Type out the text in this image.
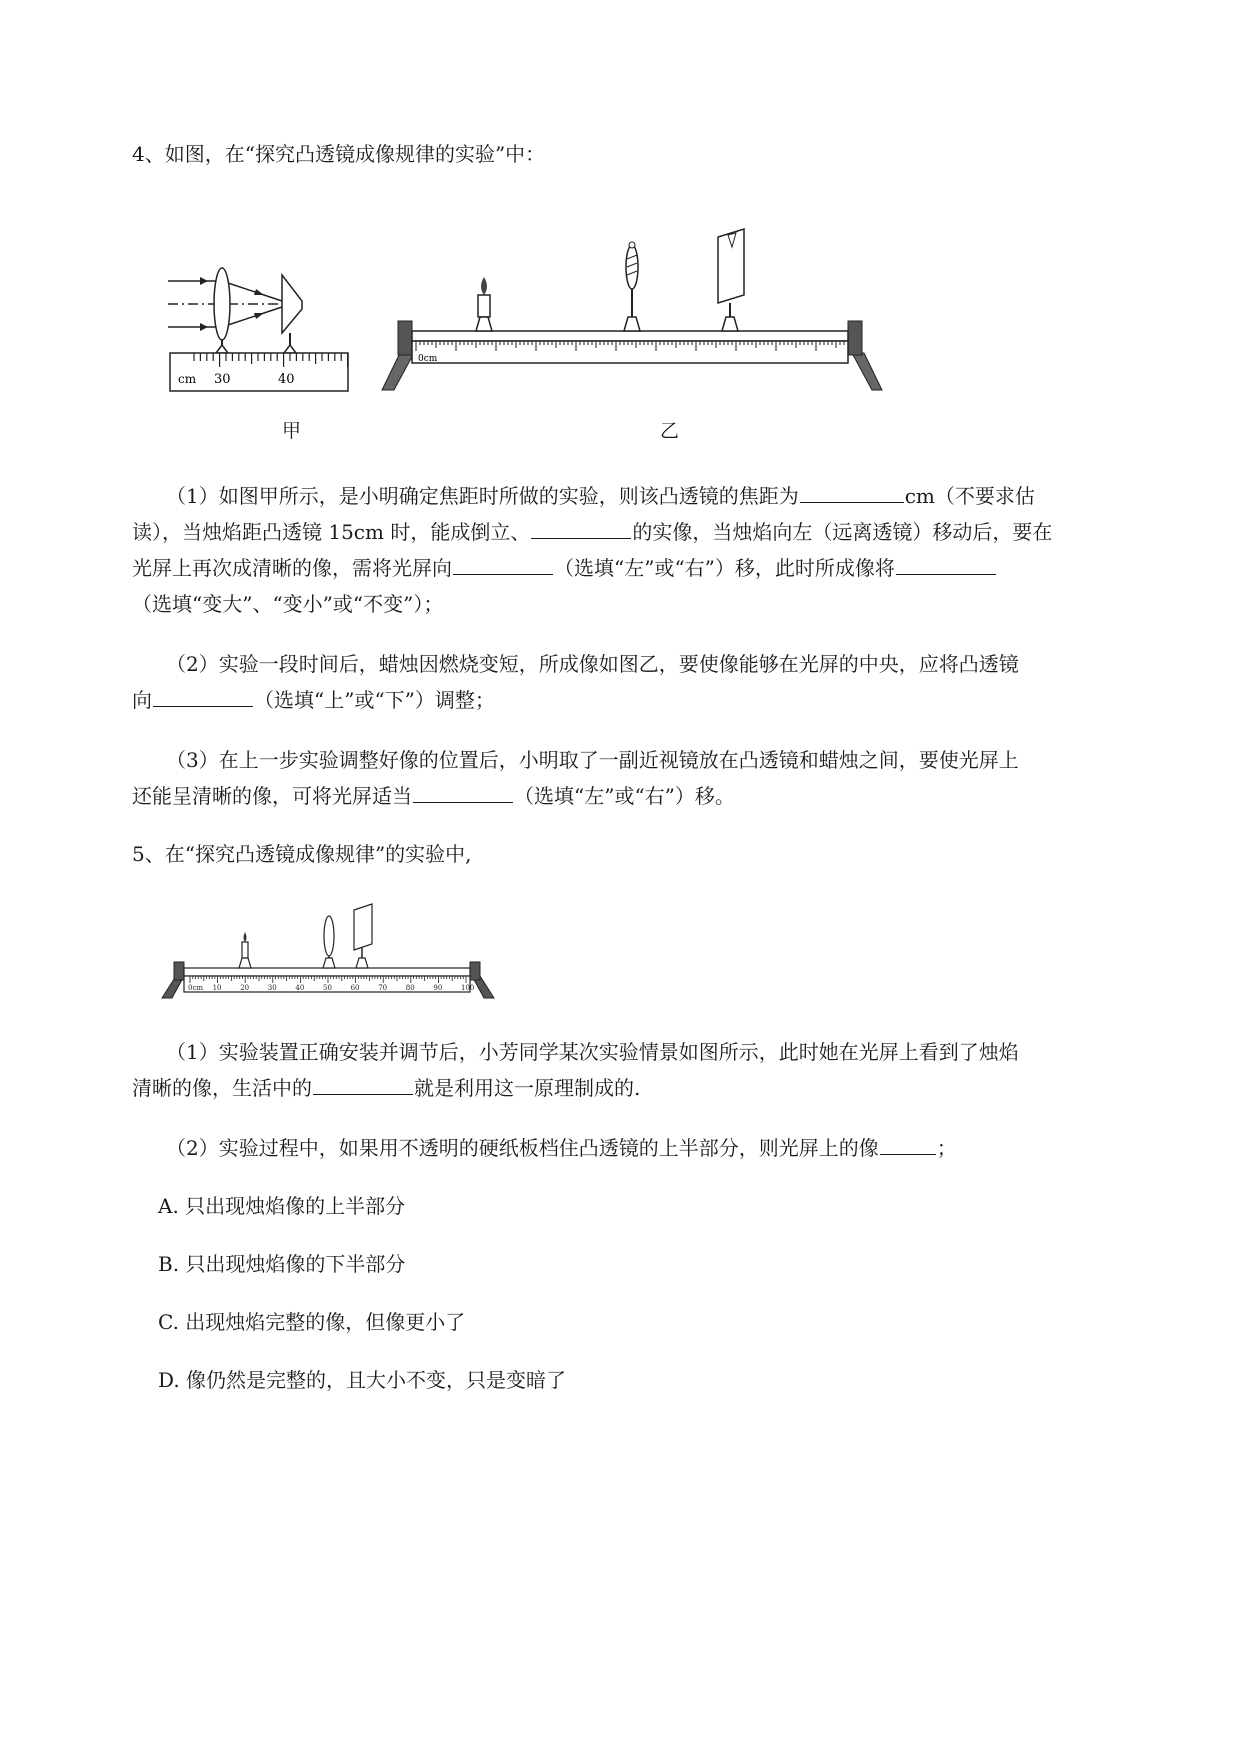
4、如图，在“探究凸透镜成像规律的实验”中：
cm 30	40
甲
0cm
乙
（1）如图甲所示，是小明确定焦距时所做的实验，则该凸透镜的焦距为	cm（不要求估
读），当烛焰距凸透镜 15cm 时，能成倒立、	的实像，当烛焰向左（远离透镜）移动后，要在
光屏上再次成清晰的像，需将光屏向	（选填“左”或“右”）移，此时所成像将
（选填“变大”、“变小”或“不变”）；
（2）实验一段时间后，蜡烛因燃烧变短，所成像如图乙，要使像能够在光屏的中央，应将凸透镜
向	（选填“上”或“下”）调整；
（3）在上一步实验调整好像的位置后，小明取了一副近视镜放在凸透镜和蜡烛之间，要使光屏上
还能呈清晰的像，可将光屏适当	（选填“左”或“右”）移。
5、在“探究凸透镜成像规律”的实验中,
0cm 10	20	30	40	50	60	70	80	90	100
（1）实验装置正确安装并调节后，小芳同学某次实验情景如图所示，此时她在光屏上看到了烛焰
清晰的像，生活中的	就是利用这一原理制成的.
（2）实验过程中，如果用不透明的硬纸板档住凸透镜的上半部分，则光屏上的像	；
A. 只出现烛焰像的上半部分
B. 只出现烛焰像的下半部分
C. 出现烛焰完整的像，但像更小了
D. 像仍然是完整的，且大小不变，只是变暗了
